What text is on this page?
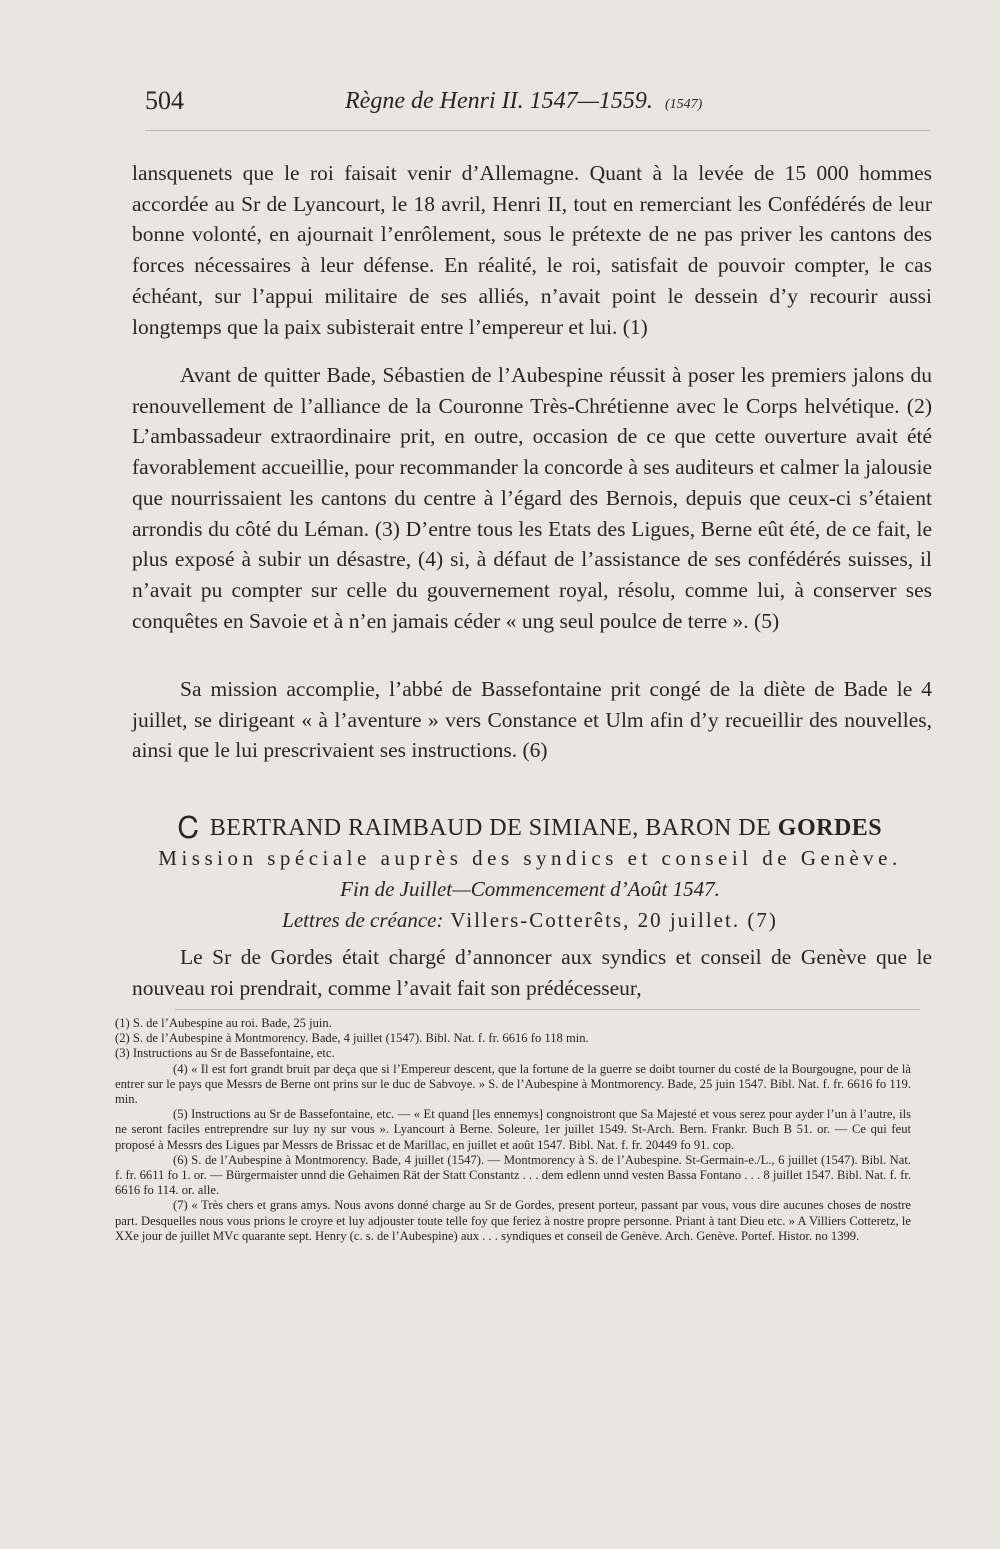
504	Règne de Henri II. 1547—1559. (1547)

lansquenets que le roi faisait venir d’Allemagne. Quant à la levée de 15 000 hommes accordée au Sr de Lyancourt, le 18 avril, Henri II, tout en remerciant les Confédérés de leur bonne volonté, en ajournait l’enrôlement, sous le prétexte de ne pas priver les cantons des forces nécessaires à leur défense. En réalité, le roi, satisfait de pouvoir compter, le cas échéant, sur l’appui militaire de ses alliés, n’avait point le dessein d’y recourir aussi longtemps que la paix subisterait entre l’empereur et lui. (1)

Avant de quitter Bade, Sébastien de l’Aubespine réussit à poser les premiers jalons du renouvellement de l’alliance de la Couronne Très-Chrétienne avec le Corps helvétique. (2) L’ambassadeur extraordinaire prit, en outre, occasion de ce que cette ouverture avait été favorablement accueillie, pour recommander la concorde à ses auditeurs et calmer la jalousie que nourrissaient les cantons du centre à l’égard des Bernois, depuis que ceux-ci s’étaient arrondis du côté du Léman. (3) D’entre tous les Etats des Ligues, Berne eût été, de ce fait, le plus exposé à subir un désastre, (4) si, à défaut de l’assistance de ses confédérés suisses, il n’avait pu compter sur celle du gouvernement royal, résolu, comme lui, à conserver ses conquêtes en Savoie et à n’en jamais céder « ung seul poulce de terre ». (5)

Sa mission accomplie, l’abbé de Bassefontaine prit congé de la diète de Bade le 4 juillet, se dirigeant « à l’aventure » vers Constance et Ulm afin d’y recueillir des nouvelles, ainsi que le lui prescrivaient ses instructions. (6)

Ꮯ BERTRAND RAIMBAUD DE SIMIANE, BARON DE GORDES
Mission spéciale auprès des syndics et conseil de Genève.
Fin de Juillet—Commencement d’Août 1547.
Lettres de créance: Villers-Cotterêts, 20 juillet. (7)

Le Sr de Gordes était chargé d’annoncer aux syndics et conseil de Genève que le nouveau roi prendrait, comme l’avait fait son prédécesseur,

(1) S. de l’Aubespine au roi. Bade, 25 juin.

(2) S. de l’Aubespine à Montmorency. Bade, 4 juillet (1547). Bibl. Nat. f. fr. 6616 fo 118 min.

(3) Instructions au Sr de Bassefontaine, etc.

(4) « Il est fort grandt bruit par deça que si l’Empereur descent, que la fortune de la guerre se doibt tourner du costé de la Bourgougne, pour de là entrer sur le pays que Messrs de Berne ont prins sur le duc de Sabvoye. » S. de l’Aubespine à Montmorency. Bade, 25 juin 1547. Bibl. Nat. f. fr. 6616 fo 119. min.

(5) Instructions au Sr de Bassefontaine, etc. — « Et quand [les ennemys] congnoistront que Sa Majesté et vous serez pour ayder l’un à l’autre, ils ne seront faciles entreprendre sur luy ny sur vous ». Lyancourt à Berne. Soleure, 1er juillet 1549. St-Arch. Bern. Frankr. Buch B 51. or. — Ce qui feut proposé à Messrs des Ligues par Messrs de Brissac et de Marillac, en juillet et août 1547. Bibl. Nat. f. fr. 20449 fo 91. cop.

(6) S. de l’Aubespine à Montmorency. Bade, 4 juillet (1547). — Montmorency à S. de l’Aubespine. St-Germain-e./L., 6 juillet (1547). Bibl. Nat. f. fr. 6611 fo 1. or. — Bürgermaister unnd die Gehaimen Rät der Statt Constantz . . . dem edlenn unnd vesten Bassa Fontano . . . 8 juillet 1547. Bibl. Nat. f. fr. 6616 fo 114. or. alle.

(7) « Très chers et grans amys. Nous avons donné charge au Sr de Gordes, present porteur, passant par vous, vous dire aucunes choses de nostre part. Desquelles nous vous prions le croyre et luy adjouster toute telle foy que feriez à nostre propre personne. Priant à tant Dieu etc. » A Villiers Cotteretz, le XXe jour de juillet MVc quarante sept. Henry (c. s. de l’Aubespine) aux . . . syndiques et conseil de Genève. Arch. Genève. Portef. Histor. no 1399.
